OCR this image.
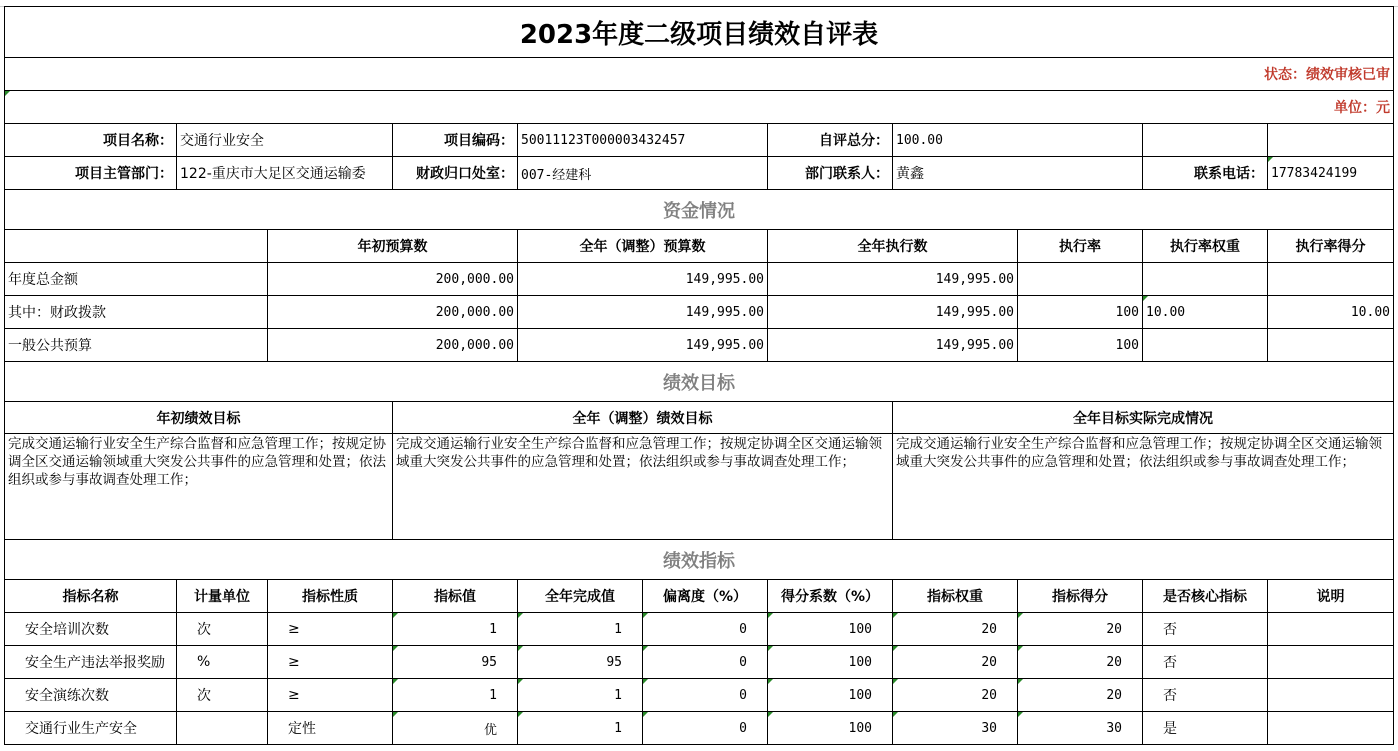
2023年度二级项目绩效自评表										
状态：绩效审核已审										
单位：元										
项目名称：	交通行业安全		项目编码：	50011123T000003432457		自评总分：	100.00			
项目主管部门：	122-重庆市大足区交通运输委		财政归口处室：	007-经建科		部门联系人：	黄鑫		联系电话：	17783424199
资金情况										
		年初预算数		全年（调整）预算数		全年执行数		执行率	执行率权重	执行率得分
年度总金额		200,000.00		149,995.00		149,995.00				
其中：财政拨款		200,000.00		149,995.00		149,995.00		100	10.00	10.00
一般公共预算		200,000.00		149,995.00		149,995.00		100		
绩效目标										
年初绩效目标			全年（调整）绩效目标				全年目标实际完成情况			
完成交通运输行业安全生产综合监督和应急管理工作；按规定协调全区交通运输领域重大突发公共事件的应急管理和处置；依法组织或参与事故调查处理工作；			完成交通运输行业安全生产综合监督和应急管理工作；按规定协调全区交通运输领域重大突发公共事件的应急管理和处置；依法组织或参与事故调查处理工作；				完成交通运输行业安全生产综合监督和应急管理工作；按规定协调全区交通运输领域重大突发公共事件的应急管理和处置；依法组织或参与事故调查处理工作；			
绩效指标										
指标名称	计量单位	指标性质	指标值	全年完成值	偏离度（%）	得分系数（%）	指标权重	指标得分	是否核心指标	说明
安全培训次数	次	≥	1	1	0	100	20	20	否	
安全生产违法举报奖励	%	≥	95	95	0	100	20	20	否	
安全演练次数	次	≥	1	1	0	100	20	20	否	
交通行业生产安全		定性	优	1	0	100	30	30	是	
